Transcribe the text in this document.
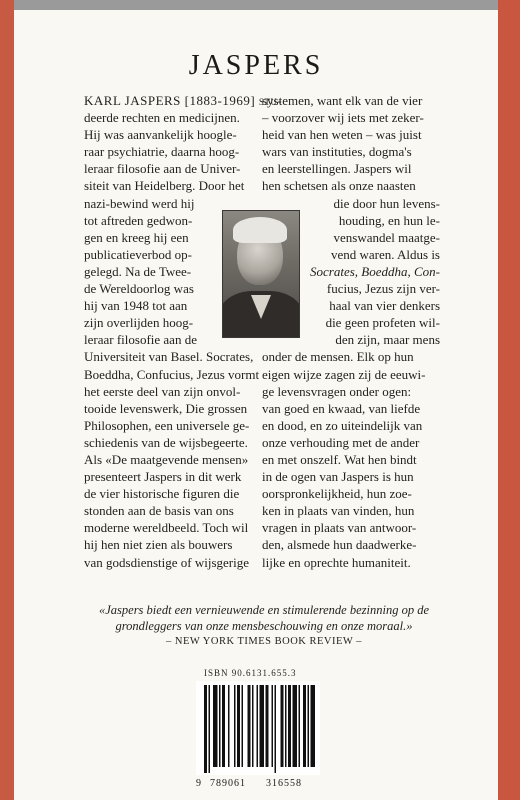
JASPERS
KARL JASPERS [1883-1969] stu-
deerde rechten en medicijnen.
Hij was aanvankelijk hooglе-
raar psychiatrie, daarna hoog-
leraar filosofie aan de Univer-
siteit van Heidelberg. Door het
nazi-bewind werd hij
tot aftreden gedwon-
gen en kreeg hij een
publicatieverbod op-
gelegd. Na de Twee-
de Wereldoorlog was
hij van 1948 tot aan
zijn overlijden hoog-
leraar filosofie aan de
Universiteit van Basel. Socrates,
Boeddha, Confucius, Jezus vormt
het eerste deel van zijn onvol-
tooide levenswerk, Die grossen
Philosophen, een universele ge-
schiedenis van de wijsbegeerte.
Als «De maatgevende mensen»
presenteert Jaspers in dit werk
de vier historische figuren die
stonden aan de basis van ons
moderne wereldbeeld. Toch wil
hij hen niet zien als bouwers
van godsdienstige of wijsgerige
systemen, want elk van de vier
– voorzover wij iets met zeker-
heid van hen weten – was juist
wars van instituties, dogma's
en leerstellingen. Jaspers wil
hen schetsen als onze naasten
die door hun levens-
houding, en hun le-
venswandel maatge-
vend waren. Aldus is
Socrates, Boeddha, Con-
fucius, Jezus zijn ver-
haal van vier denkers
die geen profeten wil-
den zijn, maar mens
onder de mensen. Elk op hun
eigen wijze zagen zij de eeuwi-
ge levensvragen onder ogen:
van goed en kwaad, van liefde
en dood, en zo uiteindelijk van
onze verhouding met de ander
en met onszelf. Wat hen bindt
in de ogen van Jaspers is hun
oorspronkelijkheid, hun zoe-
ken in plaats van vinden, hun
vragen in plaats van antwoor-
den, alsmede hun daadwerke-
lijke en oprechte humaniteit.
«Jaspers biedt een vernieuwende en stimulerende bezinning op de
grondleggers van onze mensbeschouwing en onze moraal.»
– NEW YORK TIMES BOOK REVIEW –
ISBN 90.6131.655.3
9 789061 316558
